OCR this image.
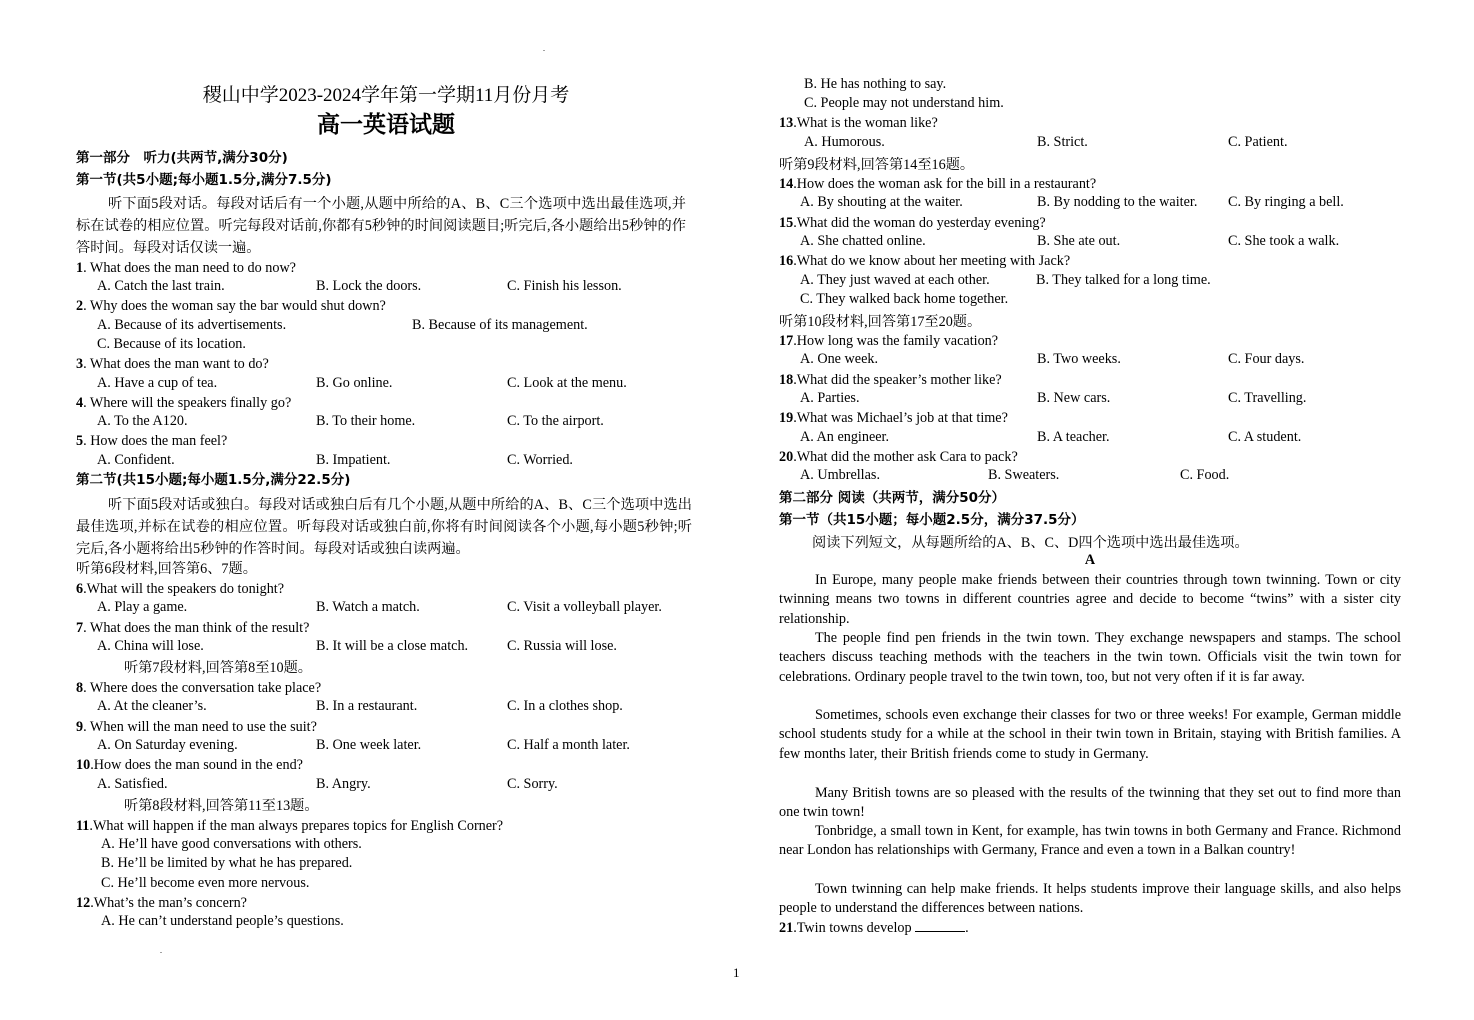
稷山中学2023-2024学年第一学期11月份月考
高一英语试题
第一部分　听力(共两节,满分30分)
第一节(共5小题;每小题1.5分,满分7.5分)
听下面5段对话。每段对话后有一个小题,从题中所给的A、B、C三个选项中选出最佳选项,并标在试卷的相应位置。听完每段对话前,你都有5秒钟的时间阅读题目;听完后,各小题给出5秒钟的作答时间。每段对话仅读一遍。
1. What does the man need to do now?
A. Catch the last train.	B. Lock the doors.	C. Finish his lesson.
2. Why does the woman say the bar would shut down?
A. Because of its advertisements.	B. Because of its management.
C. Because of its location.
3. What does the man want to do?
A. Have a cup of tea.	B. Go online.	C. Look at the menu.
4. Where will the speakers finally go?
A. To the A120.	B. To their home.	C. To the airport.
5. How does the man feel?
A. Confident.	B. Impatient.	C. Worried.
第二节(共15小题;每小题1.5分,满分22.5分)
听下面5段对话或独白。每段对话或独白后有几个小题,从题中所给的A、B、C三个选项中选出最佳选项,并标在试卷的相应位置。听每段对话或独白前,你将有时间阅读各个小题,每小题5秒钟;听完后,各小题将给出5秒钟的作答时间。每段对话或独白读两遍。
听第6段材料,回答第6、7题。
6.What will the speakers do tonight?
A. Play a game.	B. Watch a match.	C. Visit a volleyball player.
7. What does the man think of the result?
A. China will lose.	B. It will be a close match.	C. Russia will lose.
听第7段材料,回答第8至10题。
8. Where does the conversation take place?
A. At the cleaner’s.	B. In a restaurant.	C. In a clothes shop.
9. When will the man need to use the suit?
A. On Saturday evening.	B. One week later.	C. Half a month later.
10.How does the man sound in the end?
A. Satisfied.	B. Angry.	C. Sorry.
听第8段材料,回答第11至13题。
11.What will happen if the man always prepares topics for English Corner?
A. He’ll have good conversations with others.
B. He’ll be limited by what he has prepared.
C. He’ll become even more nervous.
12.What’s the man’s concern?
A. He can’t understand people’s questions.
B. He has nothing to say.
C. People may not understand him.
13.What is the woman like?
A. Humorous.	B. Strict.	C. Patient.
听第9段材料,回答第14至16题。
14.How does the woman ask for the bill in a restaurant?
A. By shouting at the waiter.	B. By nodding to the waiter. C. By ringing a bell.
15.What did the woman do yesterday evening?
A. She chatted online.	B. She ate out.	C. She took a walk.
16.What do we know about her meeting with Jack?
A. They just waved at each other.	B. They talked for a long time.
C. They walked back home together.
听第10段材料,回答第17至20题。
17.How long was the family vacation?
A. One week.	B. Two weeks.	C. Four days.
18.What did the speaker’s mother like?
A. Parties.	B. New cars.	C. Travelling.
19.What was Michael’s job at that time?
A. An engineer.	B. A teacher.	C. A student.
20.What did the mother ask Cara to pack?
A. Umbrellas.	B. Sweaters.	C. Food.
第二部分 阅读（共两节，满分50分）
第一节（共15小题；每小题2.5分，满分37.5分）
阅读下列短文，从每题所给的A、B、C、D四个选项中选出最佳选项。
A
In Europe, many people make friends between their countries through town twinning. Town or city twinning means two towns in different countries agree and decide to become “twins” with a sister city relationship.
The people find pen friends in the twin town. They exchange newspapers and stamps. The school teachers discuss teaching methods with the teachers in the twin town. Officials visit the twin town for celebrations. Ordinary people travel to the twin town, too, but not very often if it is far away.
Sometimes, schools even exchange their classes for two or three weeks! For example, German middle school students study for a while at the school in their twin town in Britain, staying with British families. A few months later, their British friends come to study in Germany.
Many British towns are so pleased with the results of the twinning that they set out to find more than one twin town!
Tonbridge, a small town in Kent, for example, has twin towns in both Germany and France. Richmond near London has relationships with Germany, France and even a town in a Balkan country!
Town twinning can help make friends. It helps students improve their language skills, and also helps people to understand the differences between nations.
21.Twin towns develop	.
.
.
1
